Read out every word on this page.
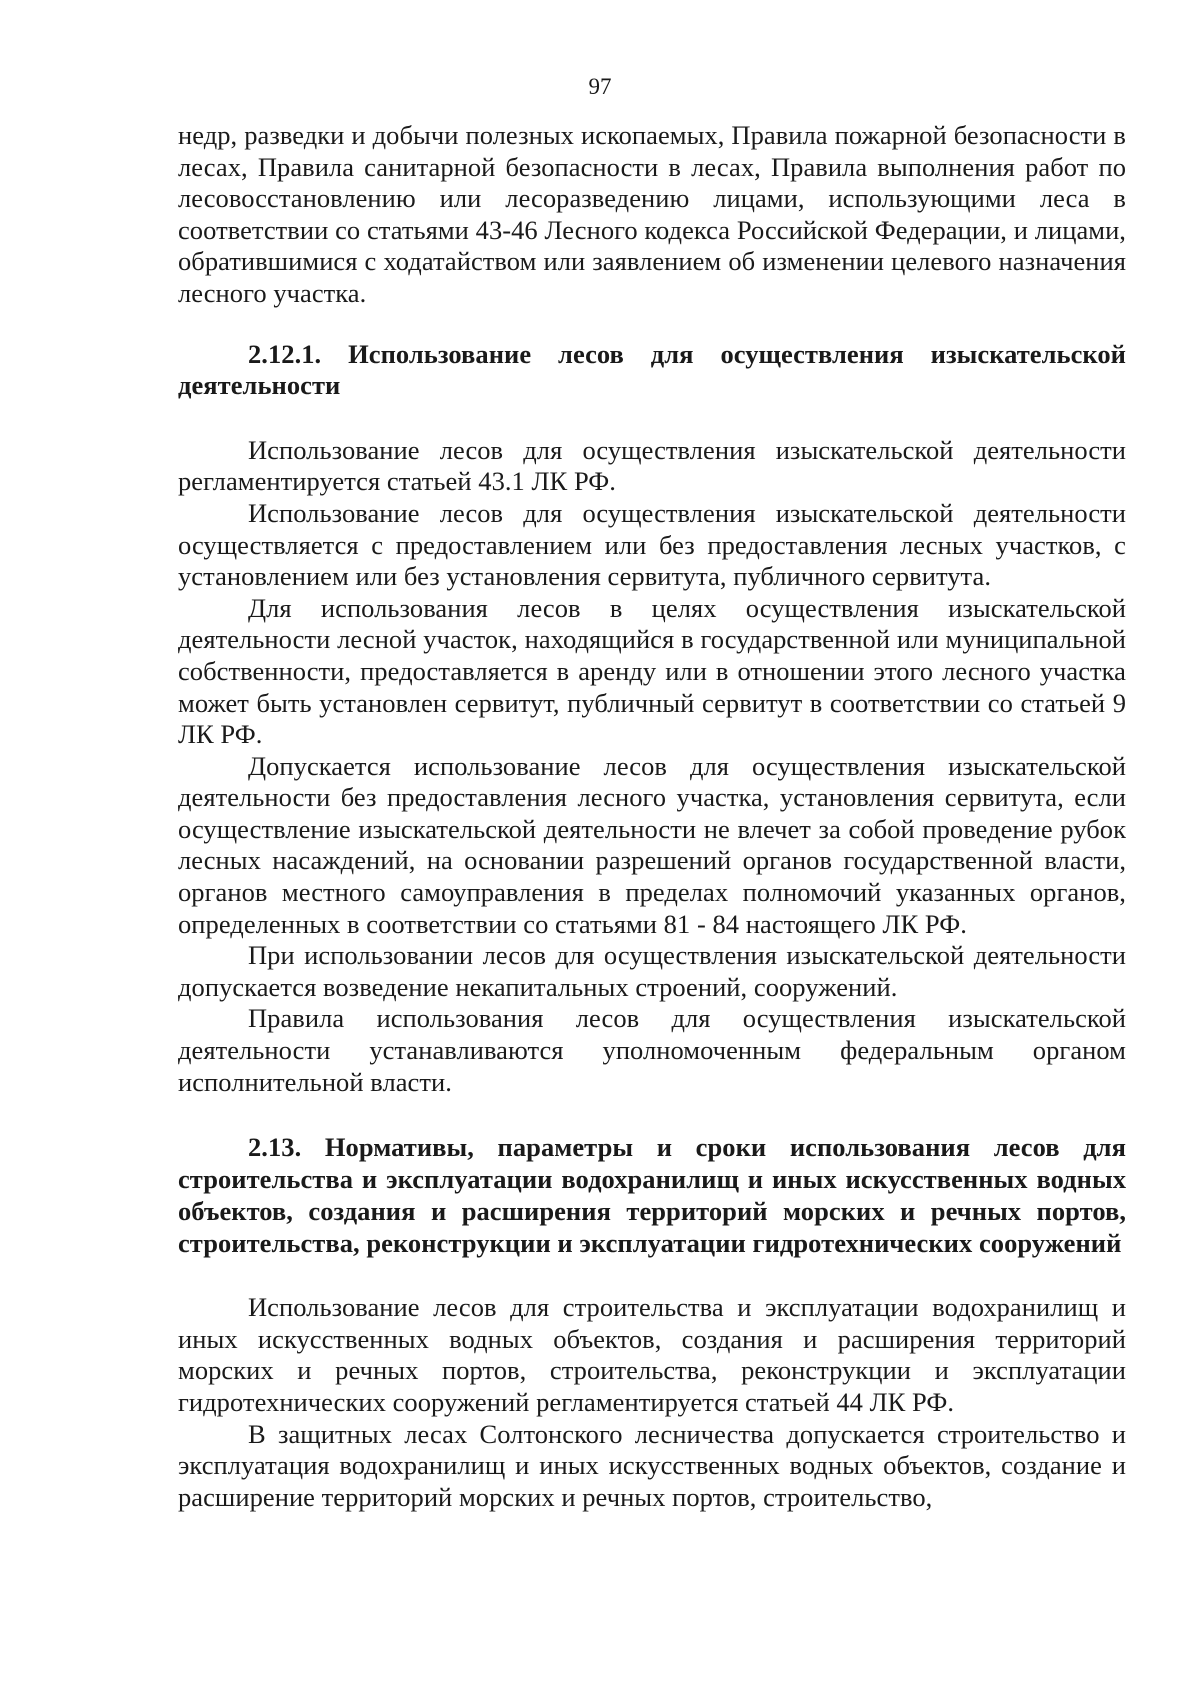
97

недр, разведки и добычи полезных ископаемых, Правила пожарной безопасности в лесах, Правила санитарной безопасности в лесах, Правила выполнения работ по лесовосстановлению или лесоразведению лицами, использующими леса в соответствии со статьями 43-46 Лесного кодекса Российской Федерации, и лицами, обратившимися с ходатайством или заявлением об изменении целевого назначения лесного участка.

2.12.1. Использование лесов для осуществления изыскательской деятельности

Использование лесов для осуществления изыскательской деятельности регламентируется статьей 43.1 ЛК РФ.

Использование лесов для осуществления изыскательской деятельности осуществляется с предоставлением или без предоставления лесных участков, с установлением или без установления сервитута, публичного сервитута.

Для использования лесов в целях осуществления изыскательской деятельности лесной участок, находящийся в государственной или муниципальной собственности, предоставляется в аренду или в отношении этого лесного участка может быть установлен сервитут, публичный сервитут в соответствии со статьей 9 ЛК РФ.

Допускается использование лесов для осуществления изыскательской деятельности без предоставления лесного участка, установления сервитута, если осуществление изыскательской деятельности не влечет за собой проведение рубок лесных насаждений, на основании разрешений органов государственной власти, органов местного самоуправления в пределах полномочий указанных органов, определенных в соответствии со статьями 81 - 84 настоящего ЛК РФ.

При использовании лесов для осуществления изыскательской деятельности допускается возведение некапитальных строений, сооружений.

Правила использования лесов для осуществления изыскательской деятельности устанавливаются уполномоченным федеральным органом исполнительной власти.

2.13. Нормативы, параметры и сроки использования лесов для строительства и эксплуатации водохранилищ и иных искусственных водных объектов, создания и расширения территорий морских и речных портов, строительства, реконструкции и эксплуатации гидротехнических сооружений

Использование лесов для строительства и эксплуатации водохранилищ и иных искусственных водных объектов, создания и расширения территорий морских и речных портов, строительства, реконструкции и эксплуатации гидротехнических сооружений регламентируется статьей 44 ЛК РФ.

В защитных лесах Солтонского лесничества допускается строительство и эксплуатация водохранилищ и иных искусственных водных объектов, создание и расширение территорий морских и речных портов, строительство,
